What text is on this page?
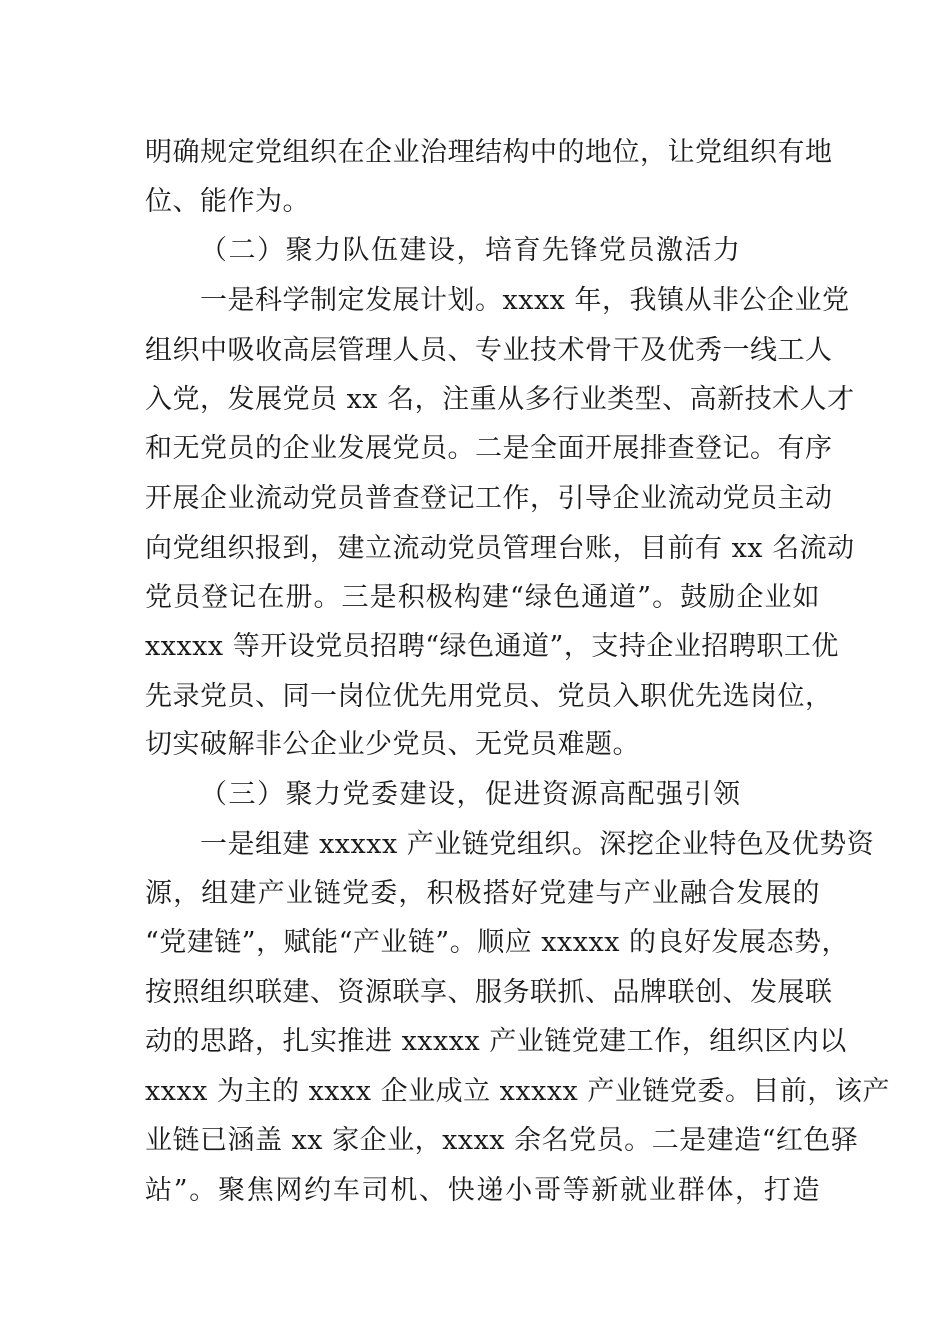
明确规定党组织在企业治理结构中的地位，让党组织有地
位、能作为。
（二）聚力队伍建设，培育先锋党员激活力
一是科学制定发展计划。xxxx 年，我镇从非公企业党
组织中吸收高层管理人员、专业技术骨干及优秀一线工人
入党，发展党员 xx 名，注重从多行业类型、高新技术人才
和无党员的企业发展党员。二是全面开展排查登记。有序
开展企业流动党员普查登记工作，引导企业流动党员主动
向党组织报到，建立流动党员管理台账，目前有 xx 名流动
党员登记在册。三是积极构建“绿色通道”。鼓励企业如
xxxxx 等开设党员招聘“绿色通道”，支持企业招聘职工优
先录党员、同一岗位优先用党员、党员入职优先选岗位，
切实破解非公企业少党员、无党员难题。
（三）聚力党委建设，促进资源高配强引领
一是组建 xxxxx 产业链党组织。深挖企业特色及优势资
源，组建产业链党委，积极搭好党建与产业融合发展的
“党建链”，赋能“产业链”。顺应 xxxxx 的良好发展态势，
按照组织联建、资源联享、服务联抓、品牌联创、发展联
动的思路，扎实推进 xxxxx 产业链党建工作，组织区内以
xxxx 为主的 xxxx 企业成立 xxxxx 产业链党委。目前，该产
业链已涵盖 xx 家企业，xxxx 余名党员。二是建造“红色驿
站”。聚焦网约车司机、快递小哥等新就业群体，打造
